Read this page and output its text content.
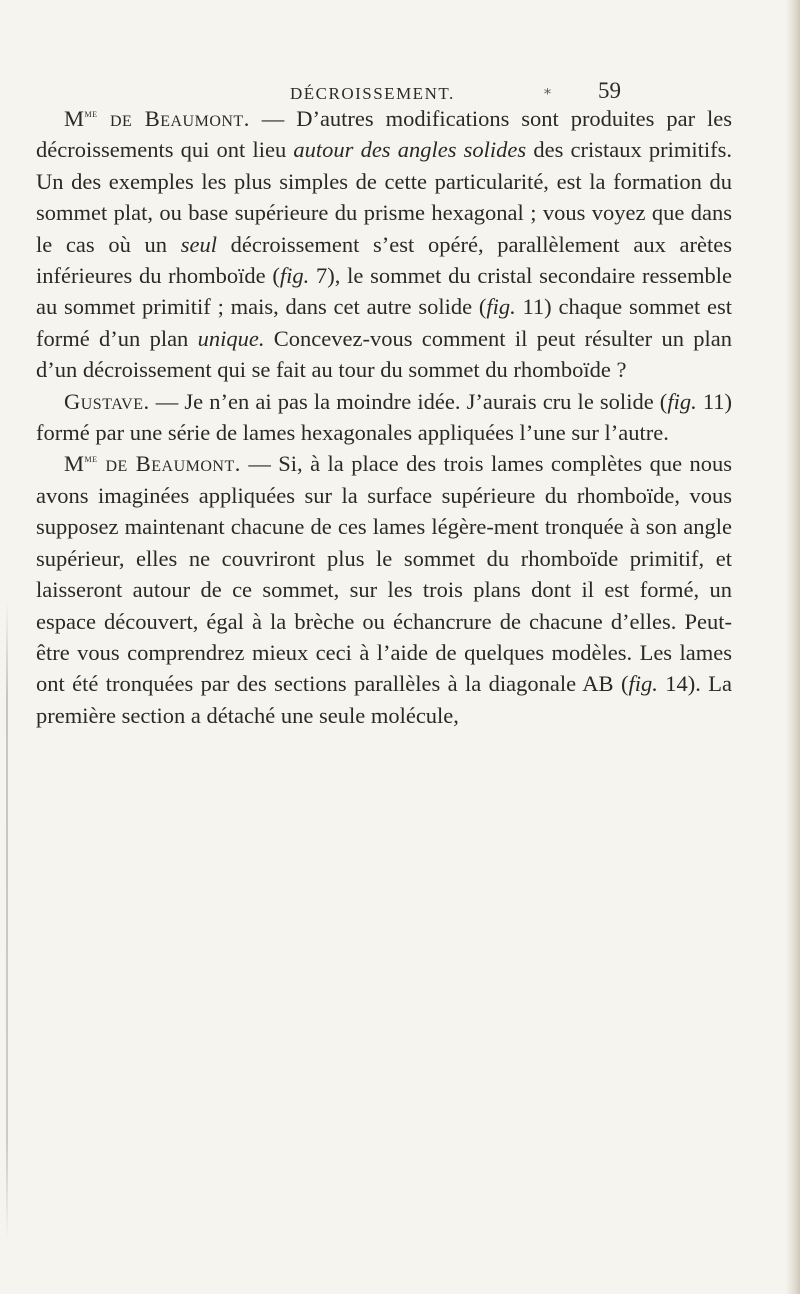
DÉCROISSEMENT.	⁎ 59

$M^{me}$ de Beaumont. — D’autres modifications sont produites par les décroissements qui ont lieu autour des angles solides des cristaux primitifs. Un des exemples les plus simples de cette particularité, est la formation du sommet plat, ou base supérieure du prisme hexagonal ; vous voyez que dans le cas où un seul décroissement s’est opéré, parallèlement aux arètes inférieures du rhomboïde (fig. 7), le sommet du cristal secondaire ressemble au sommet primitif ; mais, dans cet autre solide (fig. 11) chaque sommet est formé d’un plan unique. Concevez-vous comment il peut résulter un plan d’un décroissement qui se fait au tour du sommet du rhomboïde ?

Gustave. — Je n’en ai pas la moindre idée. J’aurais cru le solide (fig. 11) formé par une série de lames hexagonales appliquées l’une sur l’autre.

$M^{me}$ de Beaumont. — Si, à la place des trois lames complètes que nous avons imaginées appliquées sur la surface supérieure du rhomboïde, vous supposez maintenant chacune de ces lames légère-ment tronquée à son angle supérieur, elles ne couvriront plus le sommet du rhomboïde primitif, et laisseront autour de ce sommet, sur les trois plans dont il est formé, un espace découvert, égal à la brèche ou échancrure de chacune d’elles. Peut-être vous comprendrez mieux ceci à l’aide de quelques modèles. Les lames ont été tronquées par des sections parallèles à la diagonale AB (fig. 14). La première section a détaché une seule molécule,
